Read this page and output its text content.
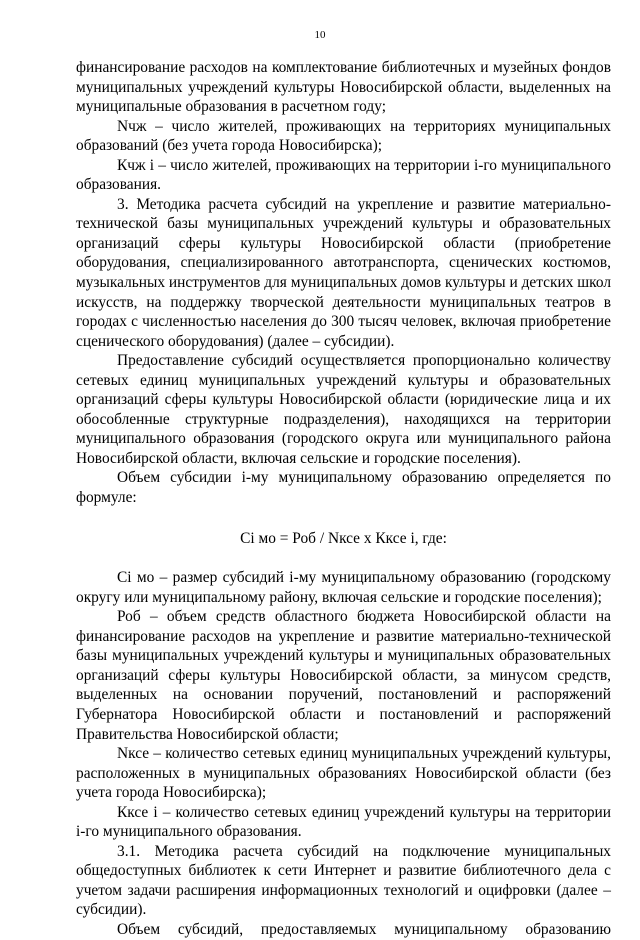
10

финансирование расходов на комплектование библиотечных и музейных фондов муниципальных учреждений культуры Новосибирской области, выделенных на муниципальные образования в расчетном году;

Nчж – число жителей, проживающих на территориях муниципальных образований (без учета города Новосибирска);

Кчж i – число жителей, проживающих на территории i-го муниципального образования.

3. Методика расчета субсидий на укрепление и развитие материально-технической базы муниципальных учреждений культуры и образовательных организаций сферы культуры Новосибирской области (приобретение оборудования, специализированного автотранспорта, сценических костюмов, музыкальных инструментов для муниципальных домов культуры и детских школ искусств, на поддержку творческой деятельности муниципальных театров в городах с численностью населения до 300 тысяч человек, включая приобретение сценического оборудования) (далее – субсидии).

Предоставление субсидий осуществляется пропорционально количеству сетевых единиц муниципальных учреждений культуры и образовательных организаций сферы культуры Новосибирской области (юридические лица и их обособленные структурные подразделения), находящихся на территории муниципального образования (городского округа или муниципального района Новосибирской области, включая сельские и городские поселения).

Объем субсидии i-му муниципальному образованию определяется по формуле:

Ci мо = Роб / Nксе х Кксе i, где:

Ci мо – размер субсидий i-му муниципальному образованию (городскому округу или муниципальному району, включая сельские и городские поселения);

Роб – объем средств областного бюджета Новосибирской области на финансирование расходов на укрепление и развитие материально-технической базы муниципальных учреждений культуры и муниципальных образовательных организаций сферы культуры Новосибирской области, за минусом средств, выделенных на основании поручений, постановлений и распоряжений Губернатора Новосибирской области и постановлений и распоряжений Правительства Новосибирской области;

Nксе – количество сетевых единиц муниципальных учреждений культуры, расположенных в муниципальных образованиях Новосибирской области (без учета города Новосибирска);

Кксе i – количество сетевых единиц учреждений культуры на территории i-го муниципального образования.

3.1. Методика расчета субсидий на подключение муниципальных общедоступных библиотек к сети Интернет и развитие библиотечного дела с учетом задачи расширения информационных технологий и оцифровки (далее – субсидии).

Объем субсидий, предоставляемых муниципальному образованию
